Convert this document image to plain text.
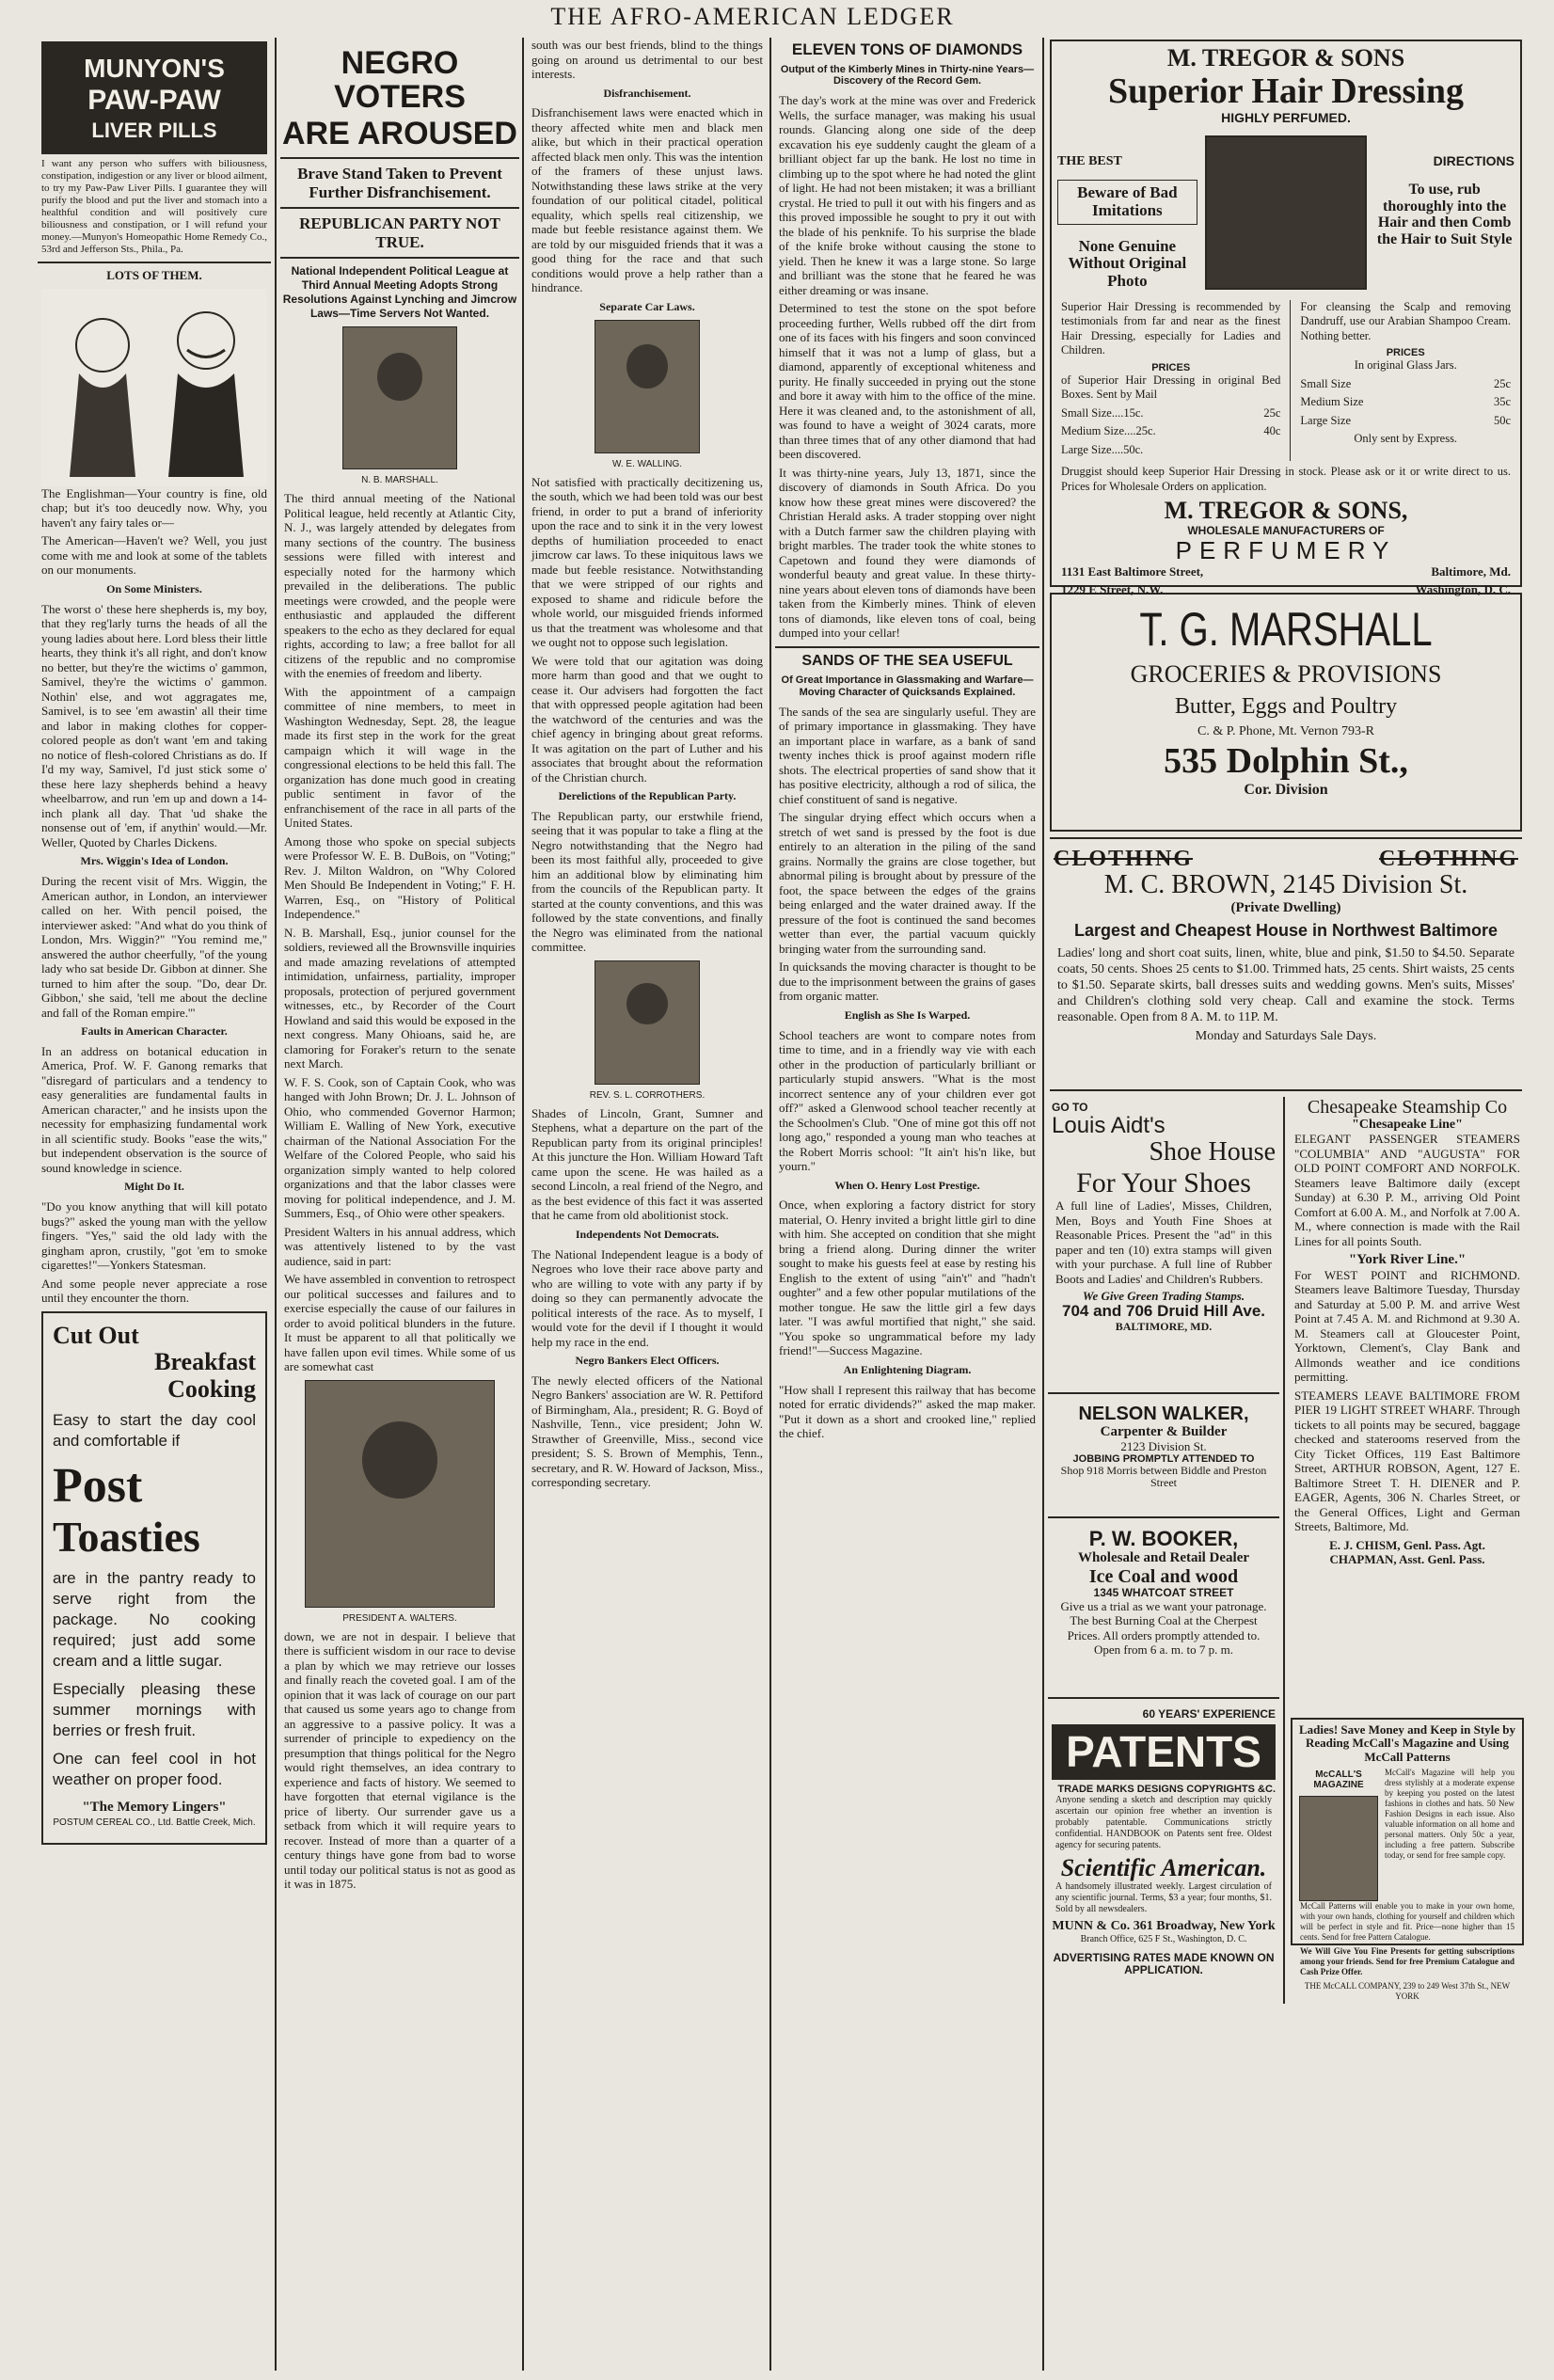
THE AFRO-AMERICAN LEDGER
MUNYON'S
PAW-PAW
LIVER PILLS
I want any person who suffers with biliousness, constipation, indigestion or any liver or blood ailment, to try my Paw-Paw Liver Pills. I guarantee they will purify the blood and put the liver and stomach into a healthful condition and will positively cure biliousness and constipation, or I will refund your money.—Munyon's Homeopathic Home Remedy Co., 53rd and Jefferson Sts., Phila., Pa.
LOTS OF THEM.
The Englishman—Your country is fine, old chap; but it's too deucedly now. Why, you haven't any fairy tales or—
The American—Haven't we? Well, you just come with me and look at some of the tablets on our monuments.
On Some Ministers.
The worst o' these here shepherds is, my boy, that they reg'larly turns the heads of all the young ladies about here. Lord bless their little hearts, they think it's all right, and don't know no better, but they're the wictims o' gammon, Samivel, they're the wictims o' gammon. Nothin' else, and wot aggragates me, Samivel, is to see 'em awastin' all their time and labor in making clothes for copper-colored people as don't want 'em and taking no notice of flesh-colored Christians as do. If I'd my way, Samivel, I'd just stick some o' these here lazy shepherds behind a heavy wheelbarrow, and run 'em up and down a 14-inch plank all day. That 'ud shake the nonsense out of 'em, if anythin' would.—Mr. Weller, Quoted by Charles Dickens.
Mrs. Wiggin's Idea of London.
During the recent visit of Mrs. Wiggin, the American author, in London, an interviewer called on her. With pencil poised, the interviewer asked: "And what do you think of London, Mrs. Wiggin?" "You remind me," answered the author cheerfully, "of the young lady who sat beside Dr. Gibbon at dinner. She turned to him after the soup. "Do, dear Dr. Gibbon,' she said, 'tell me about the decline and fall of the Roman empire.'"
Faults in American Character.
In an address on botanical education in America, Prof. W. F. Ganong remarks that "disregard of particulars and a tendency to easy generalities are fundamental faults in American character," and he insists upon the necessity for emphasizing fundamental work in all scientific study. Books "ease the wits," but independent observation is the source of sound knowledge in science.
Might Do It.
"Do you know anything that will kill potato bugs?" asked the young man with the yellow fingers. "Yes," said the old lady with the gingham apron, crustily, "got 'em to smoke cigarettes!"—Yonkers Statesman.
And some people never appreciate a rose until they encounter the thorn.
Cut Out
Breakfast
Cooking
Easy to start the day cool and comfortable if
Post
Toasties
are in the pantry ready to serve right from the package. No cooking required; just add some cream and a little sugar.
Especially pleasing these summer mornings with berries or fresh fruit.
One can feel cool in hot weather on proper food.
"The Memory Lingers"
POSTUM CEREAL CO., Ltd. Battle Creek, Mich.
NEGRO VOTERS
ARE AROUSED
Brave Stand Taken to Prevent Further Disfranchisement.
REPUBLICAN PARTY NOT TRUE.
National Independent Political League at Third Annual Meeting Adopts Strong Resolutions Against Lynching and Jimcrow Laws—Time Servers Not Wanted.
N. B. MARSHALL.
The third annual meeting of the National Political league, held recently at Atlantic City, N. J., was largely attended by delegates from many sections of the country. The business sessions were filled with interest and especially noted for the harmony which prevailed in the deliberations. The public meetings were crowded, and the people were enthusiastic and applauded the different speakers to the echo as they declared for equal rights, according to law; a free ballot for all citizens of the republic and no compromise with the enemies of freedom and liberty.
With the appointment of a campaign committee of nine members, to meet in Washington Wednesday, Sept. 28, the league made its first step in the work for the great campaign which it will wage in the congressional elections to be held this fall. The organization has done much good in creating public sentiment in favor of the enfranchisement of the race in all parts of the United States.
Among those who spoke on special subjects were Professor W. E. B. DuBois, on "Voting;" Rev. J. Milton Waldron, on "Why Colored Men Should Be Independent in Voting;" F. H. Warren, Esq., on "History of Political Independence."
N. B. Marshall, Esq., junior counsel for the soldiers, reviewed all the Brownsville inquiries and made amazing revelations of attempted intimidation, unfairness, partiality, improper proposals, protection of perjured government witnesses, etc., by Recorder of the Court Howland and said this would be exposed in the next congress. Many Ohioans, said he, are clamoring for Foraker's return to the senate next March.
W. F. S. Cook, son of Captain Cook, who was hanged with John Brown; Dr. J. L. Johnson of Ohio, who commended Governor Harmon; William E. Walling of New York, executive chairman of the National Association For the Welfare of the Colored People, who said his organization simply wanted to help colored organizations and that the labor classes were moving for political independence, and J. M. Summers, Esq., of Ohio were other speakers.
President Walters in his annual address, which was attentively listened to by the vast audience, said in part:
We have assembled in convention to retrospect our political successes and failures and to exercise especially the cause of our failures in order to avoid political blunders in the future. It must be apparent to all that politically we have fallen upon evil times. While some of us are somewhat cast
PRESIDENT A. WALTERS.
down, we are not in despair. I believe that there is sufficient wisdom in our race to devise a plan by which we may retrieve our losses and finally reach the coveted goal. I am of the opinion that it was lack of courage on our part that caused us some years ago to change from an aggressive to a passive policy. It was a surrender of principle to expediency on the presumption that things political for the Negro would right themselves, an idea contrary to experience and facts of history. We seemed to have forgotten that eternal vigilance is the price of liberty. Our surrender gave us a setback from which it will require years to recover. Instead of more than a quarter of a century things have gone from bad to worse until today our political status is not as good as it was in 1875.
south was our best friends, blind to the things going on around us detrimental to our best interests.
Disfranchisement.
Disfranchisement laws were enacted which in theory affected white men and black men alike, but which in their practical operation affected black men only. This was the intention of the framers of these unjust laws. Notwithstanding these laws strike at the very foundation of our political citadel, political equality, which spells real citizenship, we made but feeble resistance against them. We are told by our misguided friends that it was a good thing for the race and that such conditions would prove a help rather than a hindrance.
Separate Car Laws.
W. E. WALLING.
Not satisfied with practically decitizening us, the south, which we had been told was our best friend, in order to put a brand of inferiority upon the race and to sink it in the very lowest depths of humiliation proceeded to enact jimcrow car laws. To these iniquitous laws we made but feeble resistance. Notwithstanding that we were stripped of our rights and exposed to shame and ridicule before the whole world, our misguided friends informed us that the treatment was wholesome and that we ought not to oppose such legislation.
We were told that our agitation was doing more harm than good and that we ought to cease it. Our advisers had forgotten the fact that with oppressed people agitation had been the watchword of the centuries and was the chief agency in bringing about great reforms. It was agitation on the part of Luther and his associates that brought about the reformation of the Christian church.
Derelictions of the Republican Party.
The Republican party, our erstwhile friend, seeing that it was popular to take a fling at the Negro notwithstanding that the Negro had been its most faithful ally, proceeded to give him an additional blow by eliminating him from the councils of the Republican party. It started at the county conventions, and this was followed by the state conventions, and finally the Negro was eliminated from the national committee.
REV. S. L. CORROTHERS.
Shades of Lincoln, Grant, Sumner and Stephens, what a departure on the part of the Republican party from its original principles! At this juncture the Hon. William Howard Taft came upon the scene. He was hailed as a second Lincoln, a real friend of the Negro, and as the best evidence of this fact it was asserted that he came from old abolitionist stock.
Independents Not Democrats.
The National Independent league is a body of Negroes who love their race above party and who are willing to vote with any party if by doing so they can permanently advocate the political interests of the race. As to myself, I would vote for the devil if I thought it would help my race in the end.
Negro Bankers Elect Officers.
The newly elected officers of the National Negro Bankers' association are W. R. Pettiford of Birmingham, Ala., president; R. G. Boyd of Nashville, Tenn., vice president; John W. Strawther of Greenville, Miss., second vice president; S. S. Brown of Memphis, Tenn., secretary, and R. W. Howard of Jackson, Miss., corresponding secretary.
ELEVEN TONS OF DIAMONDS
Output of the Kimberly Mines in Thirty-nine Years—Discovery of the Record Gem.
The day's work at the mine was over and Frederick Wells, the surface manager, was making his usual rounds. Glancing along one side of the deep excavation his eye suddenly caught the gleam of a brilliant object far up the bank. He lost no time in climbing up to the spot where he had noted the glint of light. He had not been mistaken; it was a brilliant crystal. He tried to pull it out with his fingers and as this proved impossible he sought to pry it out with the blade of his penknife. To his surprise the blade of the knife broke without causing the stone to yield. Then he knew it was a large stone. So large and brilliant was the stone that he feared he was either dreaming or was insane.
Determined to test the stone on the spot before proceeding further, Wells rubbed off the dirt from one of its faces with his fingers and soon convinced himself that it was not a lump of glass, but a diamond, apparently of exceptional whiteness and purity. He finally succeeded in prying out the stone and bore it away with him to the office of the mine. Here it was cleaned and, to the astonishment of all, was found to have a weight of 3024 carats, more than three times that of any other diamond that had been discovered.
It was thirty-nine years, July 13, 1871, since the discovery of diamonds in South Africa. Do you know how these great mines were discovered? the Christian Herald asks. A trader stopping over night with a Dutch farmer saw the children playing with bright marbles. The trader took the white stones to Capetown and found they were diamonds of wonderful beauty and great value. In these thirty-nine years about eleven tons of diamonds have been taken from the Kimberly mines. Think of eleven tons of diamonds, like eleven tons of coal, being dumped into your cellar!
SANDS OF THE SEA USEFUL
Of Great Importance in Glassmaking and Warfare—Moving Character of Quicksands Explained.
The sands of the sea are singularly useful. They are of primary importance in glassmaking. They have an important place in warfare, as a bank of sand twenty inches thick is proof against modern rifle shots. The electrical properties of sand show that it has positive electricity, although a rod of silica, the chief constituent of sand is negative.
The singular drying effect which occurs when a stretch of wet sand is pressed by the foot is due entirely to an alteration in the piling of the sand grains. Normally the grains are close together, but abnormal piling is brought about by pressure of the foot, the space between the edges of the grains being enlarged and the water drained away. If the pressure of the foot is continued the sand becomes wetter than ever, the partial vacuum quickly bringing water from the surrounding sand.
In quicksands the moving character is thought to be due to the imprisonment between the grains of gases from organic matter.
English as She Is Warped.
School teachers are wont to compare notes from time to time, and in a friendly way vie with each other in the production of particularly brilliant or particularly stupid answers. "What is the most incorrect sentence any of your children ever got off?" asked a Glenwood school teacher recently at the Schoolmen's Club. "One of mine got this off not long ago," responded a young man who teaches at the Robert Morris school: "It ain't his'n like, but yourn."
When O. Henry Lost Prestige.
Once, when exploring a factory district for story material, O. Henry invited a bright little girl to dine with him. She accepted on condition that she might bring a friend along. During dinner the writer sought to make his guests feel at ease by resting his English to the extent of using "ain't" and "hadn't oughter" and a few other popular mutilations of the mother tongue. He saw the little girl a few days later. "I was awful mortified that night," she said. "You spoke so ungrammatical before my lady friend!"—Success Magazine.
An Enlightening Diagram.
"How shall I represent this railway that has become noted for erratic dividends?" asked the map maker. "Put it down as a short and crooked line," replied the chief.
M. TREGOR & SONS
Superior Hair Dressing
HIGHLY PERFUMED.
THE BEST
Beware of Bad Imitations
None Genuine Without Original Photo
DIRECTIONS
To use, rub thoroughly into the Hair and then Comb the Hair to Suit Style
Superior Hair Dressing is recommended by testimonials from far and near as the finest Hair Dressing, especially for Ladies and Children.
PRICES
of Superior Hair Dressing in original Bed Boxes. Sent by Mail
Small Size....15c.	25c
Medium Size....25c.	40c
Large Size....50c.
For cleansing the Scalp and removing Dandruff, use our Arabian Shampoo Cream. Nothing better.
PRICES
In original Glass Jars.
Small Size	25c
Medium Size	35c
Large Size	50c
Only sent by Express.
Druggist should keep Superior Hair Dressing in stock. Please ask or it or write direct to us. Prices for Wholesale Orders on application.
M. TREGOR & SONS,
WHOLESALE MANUFACTURERS OF
PERFUMERY
1131 East Baltimore Street,	Baltimore, Md.
1229 E Street, N.W.	Washington, D. C.
T. G. MARSHALL
GROCERIES & PROVISIONS
Butter, Eggs and Poultry
C. & P. Phone, Mt. Vernon 793-R
535 Dolphin St.,
Cor. Division
CLOTHING	CLOTHING
M. C. BROWN, 2145 Division St.
(Private Dwelling)
Largest and Cheapest House in Northwest Baltimore
Ladies' long and short coat suits, linen, white, blue and pink, $1.50 to $4.50. Separate coats, 50 cents. Shoes 25 cents to $1.00. Trimmed hats, 25 cents. Shirt waists, 25 cents to $1.50. Separate skirts, ball dresses suits and wedding gowns. Men's suits, Misses' and Children's clothing sold very cheap. Call and examine the stock. Terms reasonable. Open from 8 A. M. to 11P. M.
Monday and Saturdays Sale Days.
GO TO
Louis Aidt's
Shoe House
For Your Shoes
A full line of Ladies', Misses, Children, Men, Boys and Youth Fine Shoes at Reasonable Prices. Present the "ad" in this paper and ten (10) extra stamps will given with your purchase. A full line of Rubber Boots and Ladies' and Children's Rubbers.
We Give Green Trading Stamps.
704 and 706 Druid Hill Ave.
BALTIMORE, MD.
NELSON WALKER,
Carpenter & Builder
2123 Division St.
JOBBING PROMPTLY ATTENDED TO
Shop 918 Morris between Biddle and Preston Street
P. W. BOOKER,
Wholesale and Retail Dealer
Ice Coal and wood
1345 WHATCOAT STREET
Give us a trial as we want your patronage. The best Burning Coal at the Cherpest Prices. All orders promptly attended to. Open from 6 a. m. to 7 p. m.
60 YEARS' EXPERIENCE
PATENTS
TRADE MARKS DESIGNS COPYRIGHTS &C.
Anyone sending a sketch and description may quickly ascertain our opinion free whether an invention is probably patentable. Communications strictly confidential. HANDBOOK on Patents sent free. Oldest agency for securing patents.
Scientific American.
A handsomely illustrated weekly. Largest circulation of any scientific journal. Terms, $3 a year; four months, $1. Sold by all newsdealers.
MUNN & Co. 361 Broadway, New York
Branch Office, 625 F St., Washington, D. C.
ADVERTISING RATES MADE KNOWN ON APPLICATION.
Chesapeake Steamship Co
"Chesapeake Line"
ELEGANT PASSENGER STEAMERS "COLUMBIA" AND "AUGUSTA" FOR OLD POINT COMFORT AND NORFOLK. Steamers leave Baltimore daily (except Sunday) at 6.30 P. M., arriving Old Point Comfort at 6.00 A. M., and Norfolk at 7.00 A. M., where connection is made with the Rail Lines for all points South.
"York River Line."
For WEST POINT and RICHMOND. Steamers leave Baltimore Tuesday, Thursday and Saturday at 5.00 P. M. and arrive West Point at 7.45 A. M. and Richmond at 9.30 A. M. Steamers call at Gloucester Point, Yorktown, Clement's, Clay Bank and Allmonds weather and ice conditions permitting.
STEAMERS LEAVE BALTIMORE FROM PIER 19 LIGHT STREET WHARF. Through tickets to all points may be secured, baggage checked and staterooms reserved from the City Ticket Offices, 119 East Baltimore Street, ARTHUR ROBSON, Agent, 127 E. Baltimore Street T. H. DIENER and P. EAGER, Agents, 306 N. Charles Street, or the General Offices, Light and German Streets, Baltimore, Md.
E. J. CHISM, Genl. Pass. Agt. CHAPMAN, Asst. Genl. Pass.
Ladies! Save Money and Keep in Style by Reading McCall's Magazine and Using McCall Patterns
McCALL'S MAGAZINE
McCall's Magazine will help you dress stylishly at a moderate expense by keeping you posted on the latest fashions in clothes and hats. 50 New Fashion Designs in each issue. Also valuable information on all home and personal matters. Only 50c a year, including a free pattern. Subscribe today, or send for free sample copy.
McCall Patterns will enable you to make in your own home, with your own hands, clothing for yourself and children which will be perfect in style and fit. Price—none higher than 15 cents. Send for free Pattern Catalogue.
We Will Give You Fine Presents for getting subscriptions among your friends. Send for free Premium Catalogue and Cash Prize Offer.
THE McCALL COMPANY, 239 to 249 West 37th St., NEW YORK
